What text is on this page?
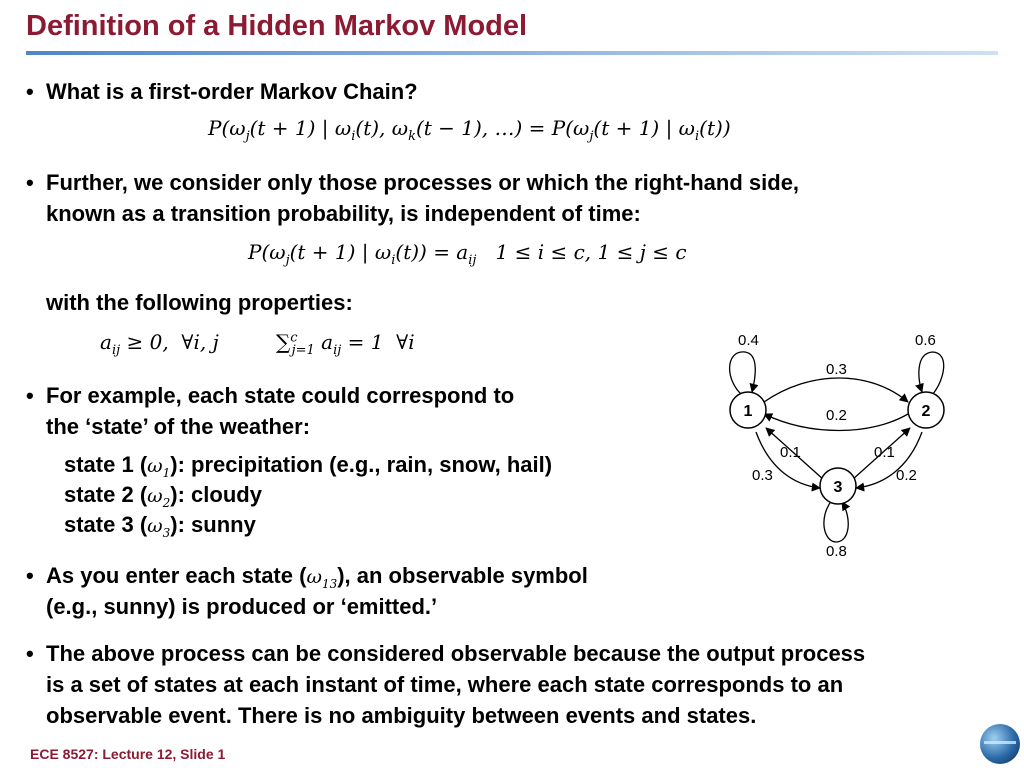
Definition of a Hidden Markov Model
• What is a first-order Markov Chain?
$P(\omega_j(t + 1)$ | $\omega_i(t)$, $\omega_k(t - 1)$, …) = $P(\omega_j(t + 1)$ | $\omega_i(t)$)
• Further, we consider only those processes or which the right-hand side,
known as a transition probability, is independent of time:
$P(\omega_j(t + 1)$ | $\omega_i(t)) = a_{ij}$   1 ≤ i ≤ c, 1 ≤ j ≤ c
with the following properties:
$a_{ij} \ge 0$,  ∀i, j         ∑$^c_{j=1}$ $a_{ij} = 1$  ∀i
• For example, each state could correspond to
the ‘state’ of the weather:
state 1 $(\omega_1)$: precipitation (e.g., rain, snow, hail)
state 2 $(\omega_2)$: cloudy
state 3 $(\omega_3)$: sunny
• As you enter each state $(\omega_{13})$, an observable symbol
(e.g., sunny) is produced or ‘emitted.’
• The above process can be considered observable because the output process
is a set of states at each instant of time, where each state corresponds to an
observable event. There is no ambiguity between events and states.
1	2
3
0.4	0.6
0.8
0.3
0.2
0.1
0.3
0.1
0.2
ECE 8527: Lecture 12, Slide 1
